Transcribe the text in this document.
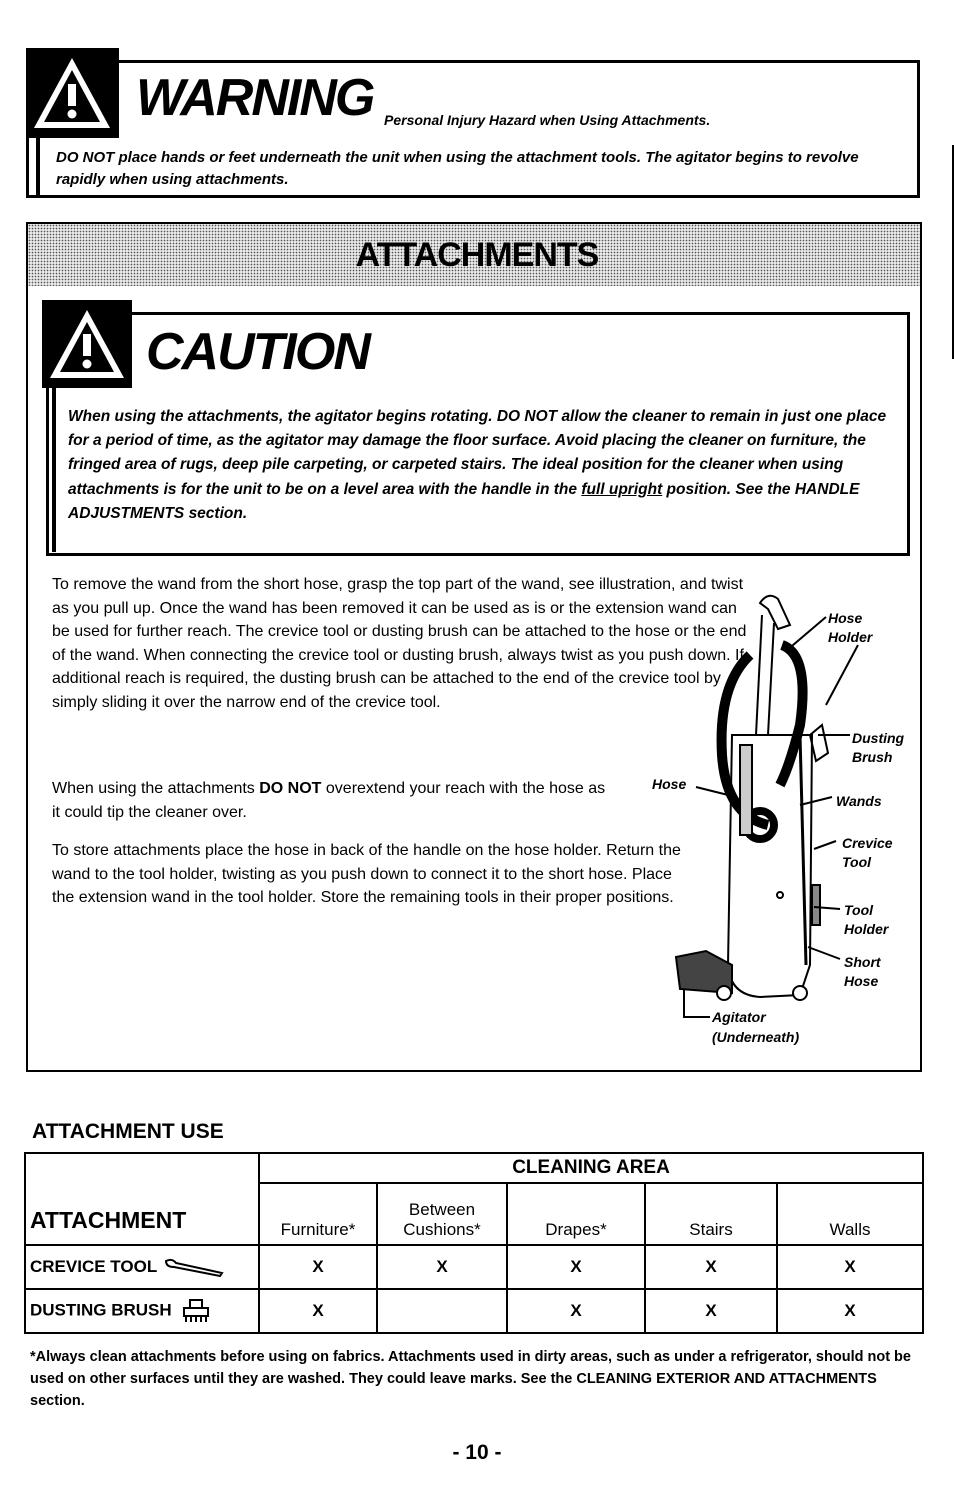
WARNING Personal Injury Hazard when Using Attachments.
DO NOT place hands or feet underneath the unit when using the attachment tools. The agitator begins to revolve rapidly when using attachments.
ATTACHMENTS
CAUTION
When using the attachments, the agitator begins rotating. DO NOT allow the cleaner to remain in just one place for a period of time, as the agitator may damage the floor surface. Avoid placing the cleaner on furniture, the fringed area of rugs, deep pile carpeting, or carpeted stairs. The ideal position for the cleaner when using attachments is for the unit to be on a level area with the handle in the full upright position. See the HANDLE ADJUSTMENTS section.
To remove the wand from the short hose, grasp the top part of the wand, see illustration, and twist as you pull up. Once the wand has been removed it can be used as is or the extension wand can be used for further reach. The crevice tool or dusting brush can be attached to the hose or the end of the wand. When connecting the crevice tool or dusting brush, always twist as you push down. If additional reach is required, the dusting brush can be attached to the end of the crevice tool by simply sliding it over the narrow end of the crevice tool.
When using the attachments DO NOT overextend your reach with the hose as it could tip the cleaner over.
To store attachments place the hose in back of the handle on the hose holder. Return the wand to the tool holder, twisting as you push down to connect it to the short hose. Place the extension wand in the tool holder. Store the remaining tools in their proper positions.
Hose
Holder
Dusting
Brush
Hose
Wands
Crevice
Tool
Tool
Holder
Short
Hose
Agitator
(Underneath)
ATTACHMENT USE
ATTACHMENT	CLEANING AREA				
	Furniture*	Between Cushions*	Drapes*	Stairs	Walls
CREVICE TOOL	X	X	X	X	X
DUSTING BRUSH	X		X	X	X
*Always clean attachments before using on fabrics. Attachments used in dirty areas, such as under a refrigerator, should not be used on other surfaces until they are washed. They could leave marks. See the CLEANING EXTERIOR AND ATTACHMENTS section.
- 10 -
